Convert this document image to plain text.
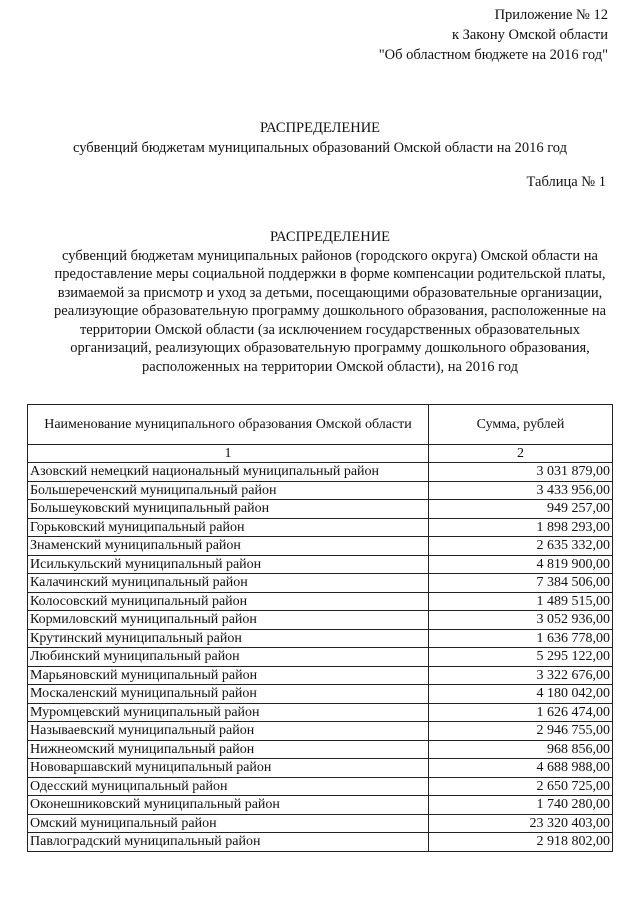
Приложение № 12
к Закону Омской области
"Об областном бюджете на 2016 год"
РАСПРЕДЕЛЕНИЕ
субвенций бюджетам муниципальных образований Омской области на 2016 год
Таблица № 1
РАСПРЕДЕЛЕНИЕ
субвенций бюджетам муниципальных районов (городского округа) Омской области на
предоставление меры социальной поддержки в форме компенсации родительской платы,
взимаемой за присмотр и уход за детьми, посещающими образовательные организации,
реализующие образовательную программу дошкольного образования, расположенные на
территории Омской области (за исключением государственных образовательных
организаций, реализующих образовательную программу дошкольного образования,
расположенных на территории Омской области), на 2016 год
Наименование муниципального образования Омской области	Сумма, рублей
1	2
Азовский немецкий национальный муниципальный район	3 031 879,00
Большереченский муниципальный район	3 433 956,00
Большеуковский муниципальный район	949 257,00
Горьковский муниципальный район	1 898 293,00
Знаменский муниципальный район	2 635 332,00
Исилькульский муниципальный район	4 819 900,00
Калачинский муниципальный район	7 384 506,00
Колосовский муниципальный район	1 489 515,00
Кормиловский муниципальный район	3 052 936,00
Крутинский муниципальный район	1 636 778,00
Любинский муниципальный район	5 295 122,00
Марьяновский муниципальный район	3 322 676,00
Москаленский муниципальный район	4 180 042,00
Муромцевский муниципальный район	1 626 474,00
Называевский муниципальный район	2 946 755,00
Нижнеомский муниципальный район	968 856,00
Нововаршавский муниципальный район	4 688 988,00
Одесский муниципальный район	2 650 725,00
Оконешниковский муниципальный район	1 740 280,00
Омский муниципальный район	23 320 403,00
Павлоградский муниципальный район	2 918 802,00
